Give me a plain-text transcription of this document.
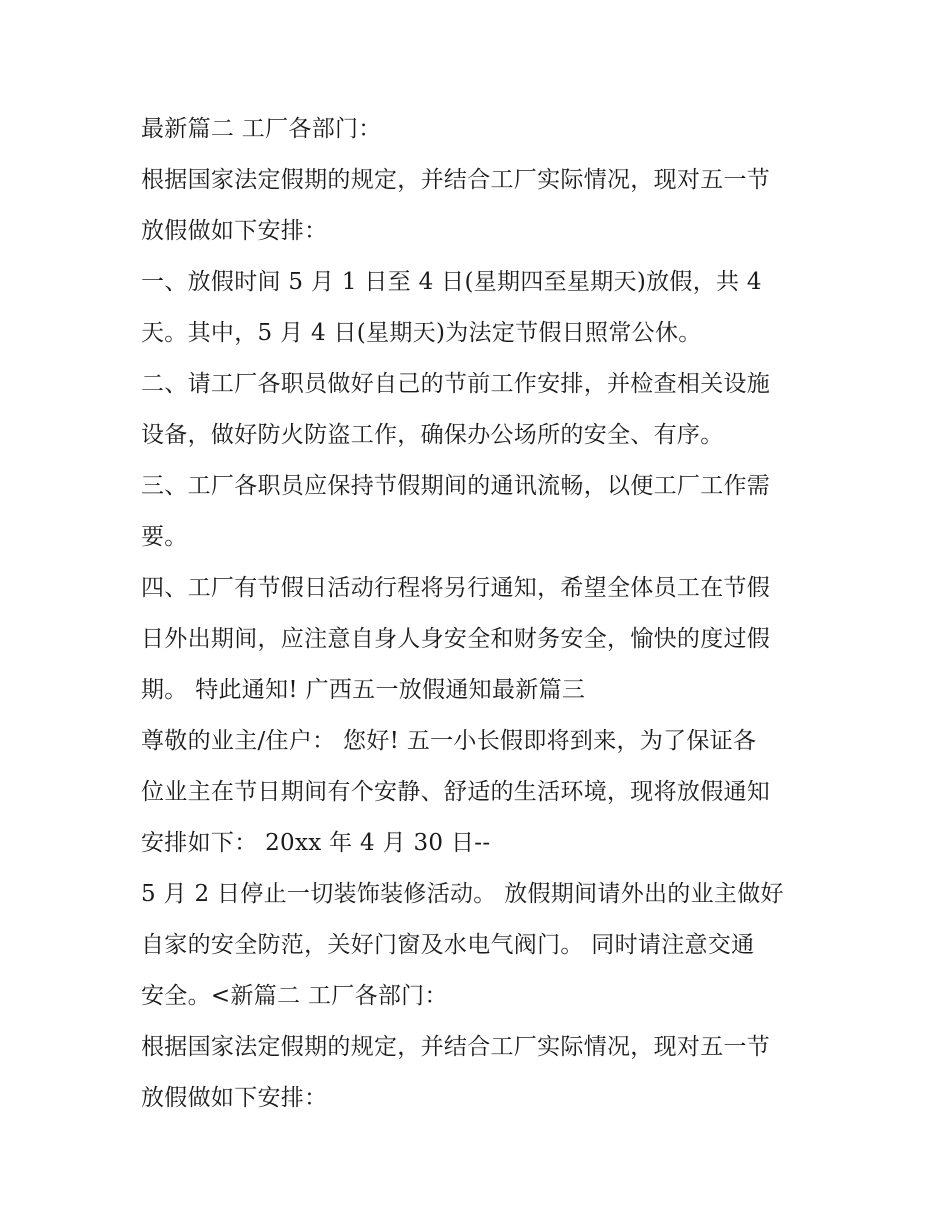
最新篇二 工厂各部门：
根据国家法定假期的规定，并结合工厂实际情况，现对五一节
放假做如下安排：
一、放假时间 5 月 1 日至 4 日(星期四至星期天)放假，共 4
天。其中，5 月 4 日(星期天)为法定节假日照常公休。
二、请工厂各职员做好自己的节前工作安排，并检查相关设施
设备，做好防火防盗工作，确保办公场所的安全、有序。
三、工厂各职员应保持节假期间的通讯流畅，以便工厂工作需
要。
四、工厂有节假日活动行程将另行通知，希望全体员工在节假
日外出期间，应注意自身人身安全和财务安全，愉快的度过假
期。 特此通知! 广西五一放假通知最新篇三
尊敬的业主/住户： 您好! 五一小长假即将到来，为了保证各
位业主在节日期间有个安静、舒适的生活环境，现将放假通知
安排如下： 20xx 年 4 月 30 日--
5 月 2 日停止一切装饰装修活动。 放假期间请外出的业主做好
自家的安全防范，关好门窗及水电气阀门。 同时请注意交通
安全。<新篇二 工厂各部门：
根据国家法定假期的规定，并结合工厂实际情况，现对五一节
放假做如下安排：
